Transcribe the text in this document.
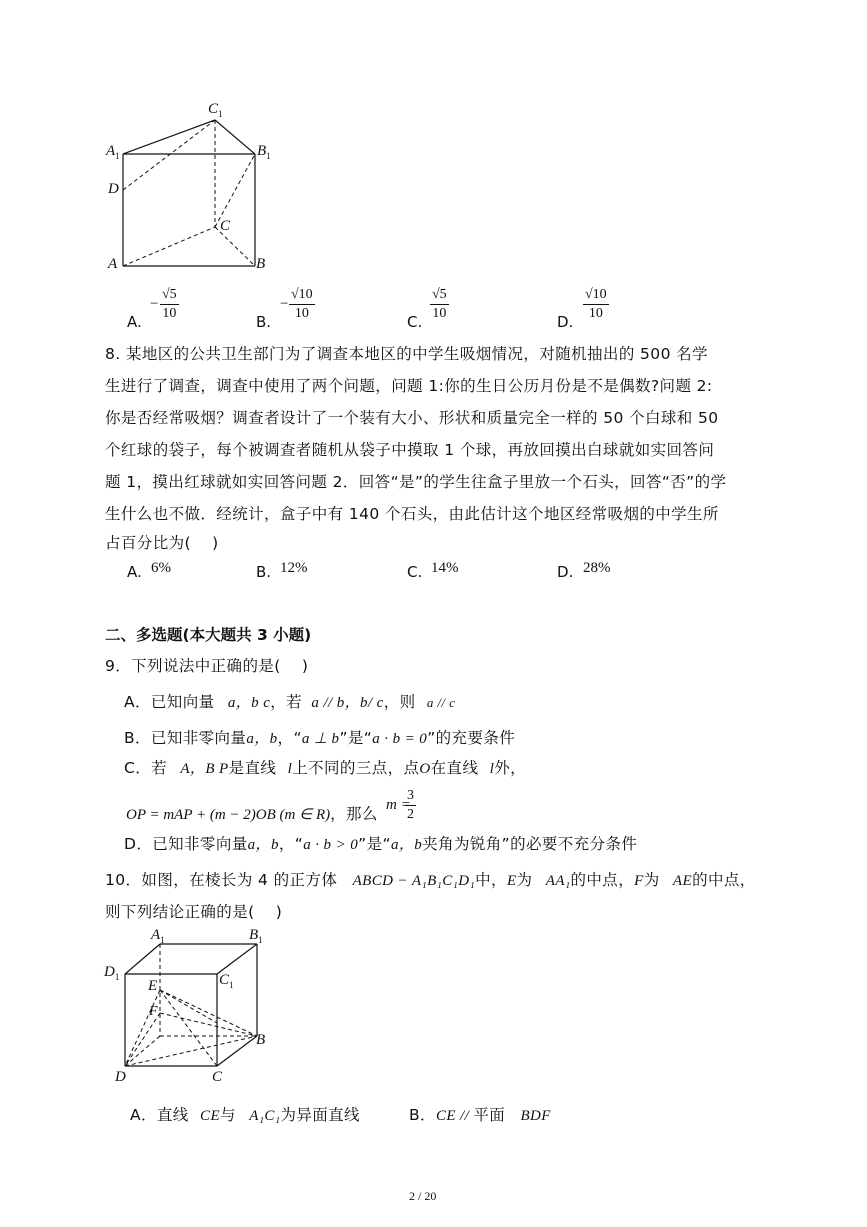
$C_1$
$A_1$	$B_1$
D
C
A	B
A.
−
√5
10	B.
−
√10
10	C.
√5
10	D.
√10
10
8. 某地区的公共卫生部门为了调查本地区的中学生吸烟情况，对随机抽出的 500 名学
生进行了调查，调查中使用了两个问题，问题 1:你的生日公历月份是不是偶数?问题 2:
你是否经常吸烟？调查者设计了一个装有大小、形状和质量完全一样的 50 个白球和 50
个红球的袋子，每个被调查者随机从袋子中摸取 1 个球，再放回摸出白球就如实回答问
题 1，摸出红球就如实回答问题 2．回答“是”的学生往盒子里放一个石头，回答“否”的学
生什么也不做．经统计，盒子中有 140 个石头，由此估计这个地区经常吸烟的中学生所
占百分比为(　 )
A. 6%	B. 12%	C. 14%	D. 28%
二、多选题(本大题共 3 小题)
9．下列说法中正确的是(　 )
A．已知向量 a，b c，若 a // b，b/ c，则 a // c
B．已知非零向量a，b，“a ⊥ b”是“a · b = 0”的充要条件
C．若 A，B P是直线 l上不同的三点，点O在直线 l外，
OP = mAP + (m − 2)OB (m ∈ R)，那么 m =
3
2
D．已知非零向量a，b，“a · b > 0”是“a，b夹角为锐角”的必要不充分条件
10．如图，在棱长为 4 的正方体 ABCD − A₁B₁C₁D₁中，E为 AA₁的中点，F为 AE的中点，
则下列结论正确的是(　 )
$A_1$	$B_1$
$D_1$	$C_1$
E
F
B
D	C
A．直线 CE与 A₁C₁为异面直线	B．CE // 平面 BDF
2 / 20
